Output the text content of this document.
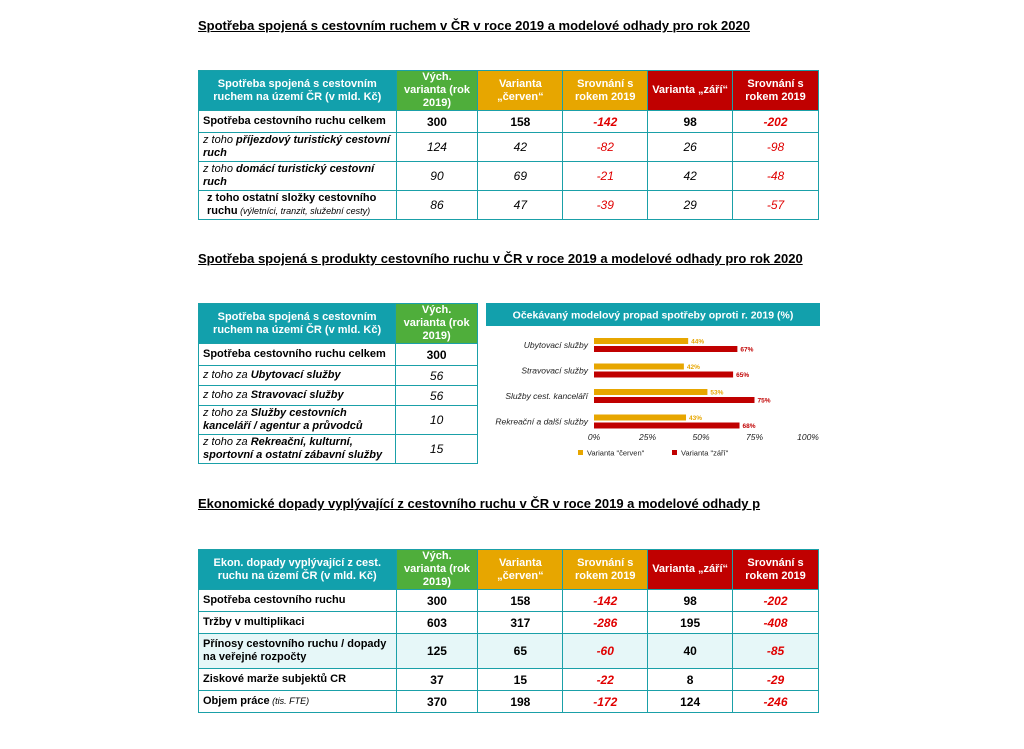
Spotřeba spojená s cestovním ruchem v ČR v roce 2019 a modelové odhady pro rok 2020
Spotřeba spojená s cestovním ruchem na území ČR (v mld. Kč)	Vých. varianta (rok 2019)	Varianta „červen“	Srovnání s rokem 2019	Varianta „září“	Srovnání s rokem 2019
Spotřeba cestovního ruchu celkem	300	158	-142	98	-202
z toho příjezdový turistický cestovní ruch	124	42	-82	26	-98
z toho domácí turistický cestovní ruch	90	69	-21	42	-48
z toho ostatní složky cestovního ruchu (výletníci, tranzit, služební cesty)	86	47	-39	29	-57
Spotřeba spojená s produkty cestovního ruchu v ČR v roce 2019 a modelové odhady pro rok 2020
Spotřeba spojená s cestovním ruchem na území ČR (v mld. Kč)	Vých. varianta (rok 2019)
Spotřeba cestovního ruchu celkem	300
z toho za Ubytovací služby	56
z toho za Stravovací služby	56
z toho za Služby cestovních kanceláří / agentur a průvodců	10
z toho za Rekreační, kulturní, sportovní a ostatní zábavní služby	15
Očekávaný modelový propad spotřeby oproti r. 2019 (%)
Ubytovací služby	44%
67%
Stravovací služby	42%
65%
Služby cest. kanceláří	53%
75%
Rekreační a další služby	43%
68%
0%	25%	50%	75%	100%
Varianta "červen"	Varianta "září"
Ekonomické dopady vyplývající z cestovního ruchu v ČR v roce 2019 a modelové odhady p
Ekon. dopady vyplývající z cest. ruchu na území ČR (v mld. Kč)	Vých. varianta (rok 2019)	Varianta „červen“	Srovnání s rokem 2019	Varianta „září“	Srovnání s rokem 2019
Spotřeba cestovního ruchu	300	158	-142	98	-202
Tržby v multiplikaci	603	317	-286	195	-408
Přínosy cestovního ruchu / dopady na veřejné rozpočty	125	65	-60	40	-85
Ziskové marže subjektů CR	37	15	-22	8	-29
Objem práce (tis. FTE)	370	198	-172	124	-246
